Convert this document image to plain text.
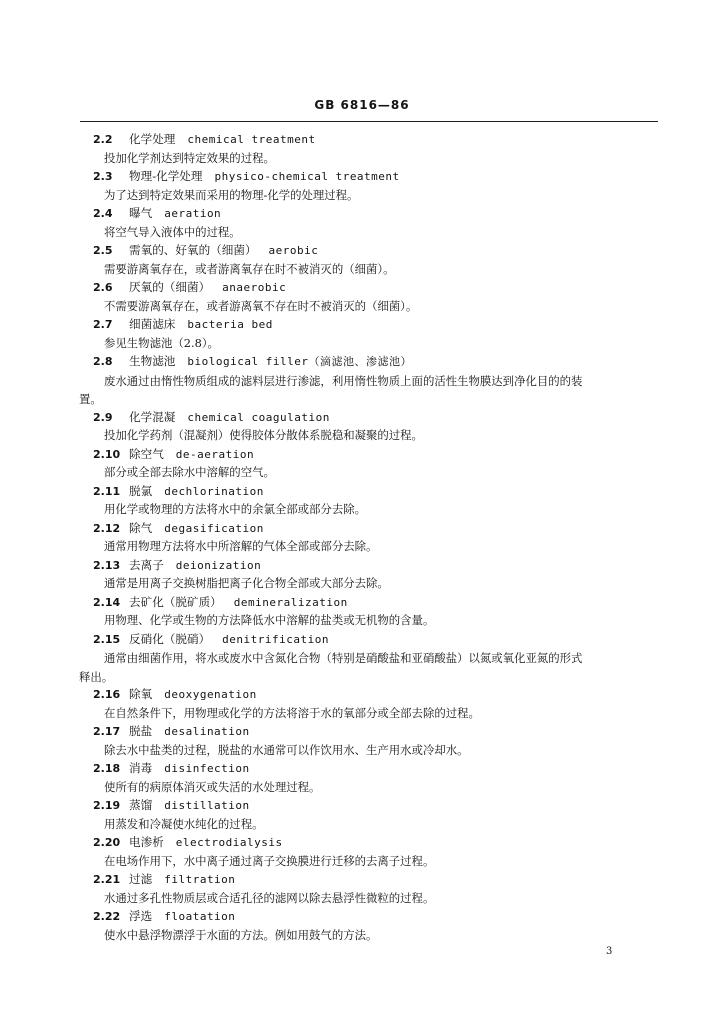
GB 6816—86
2.2	化学处理 chemical treatment
投加化学剂达到特定效果的过程。
2.3	物理-化学处理 physico-chemical treatment
为了达到特定效果而采用的物理-化学的处理过程。
2.4	曝气 aeration
将空气导入液体中的过程。
2.5	需氧的、好氧的（细菌） aerobic
需要游离氧存在，或者游离氧存在时不被消灭的（细菌）。
2.6	厌氧的（细菌） anaerobic
不需要游离氧存在，或者游离氧不存在时不被消灭的（细菌）。
2.7	细菌滤床 bacteria bed
参见生物滤池（2.8）。
2.8	生物滤池 biological filler（滴滤池、渗滤池）
废水通过由惰性物质组成的滤料层进行渗滤，利用惰性物质上面的活性生物膜达到净化目的的装
置。
2.9	化学混凝 chemical coagulation
投加化学药剂（混凝剂）使得胶体分散体系脱稳和凝聚的过程。
2.10 除空气 de-aeration
部分或全部去除水中溶解的空气。
2.11 脱氯 dechlorination
用化学或物理的方法将水中的余氯全部或部分去除。
2.12 除气 degasification
通常用物理方法将水中所溶解的气体全部或部分去除。
2.13 去离子 deionization
通常是用离子交换树脂把离子化合物全部或大部分去除。
2.14 去矿化（脱矿质） demineralization
用物理、化学或生物的方法降低水中溶解的盐类或无机物的含量。
2.15 反硝化（脱硝） denitrification
通常由细菌作用，将水或废水中含氮化合物（特别是硝酸盐和亚硝酸盐）以氮或氧化亚氮的形式
释出。
2.16 除氧 deoxygenation
在自然条件下，用物理或化学的方法将溶于水的氧部分或全部去除的过程。
2.17 脱盐 desalination
除去水中盐类的过程，脱盐的水通常可以作饮用水、生产用水或冷却水。
2.18 消毒 disinfection
使所有的病原体消灭或失活的水处理过程。
2.19 蒸馏 distillation
用蒸发和冷凝使水纯化的过程。
2.20 电渗析 electrodialysis
在电场作用下，水中离子通过离子交换膜进行迁移的去离子过程。
2.21 过滤 filtration
水通过多孔性物质层或合适孔径的滤网以除去悬浮性微粒的过程。
2.22 浮选 floatation
使水中悬浮物漂浮于水面的方法。例如用鼓气的方法。
3
